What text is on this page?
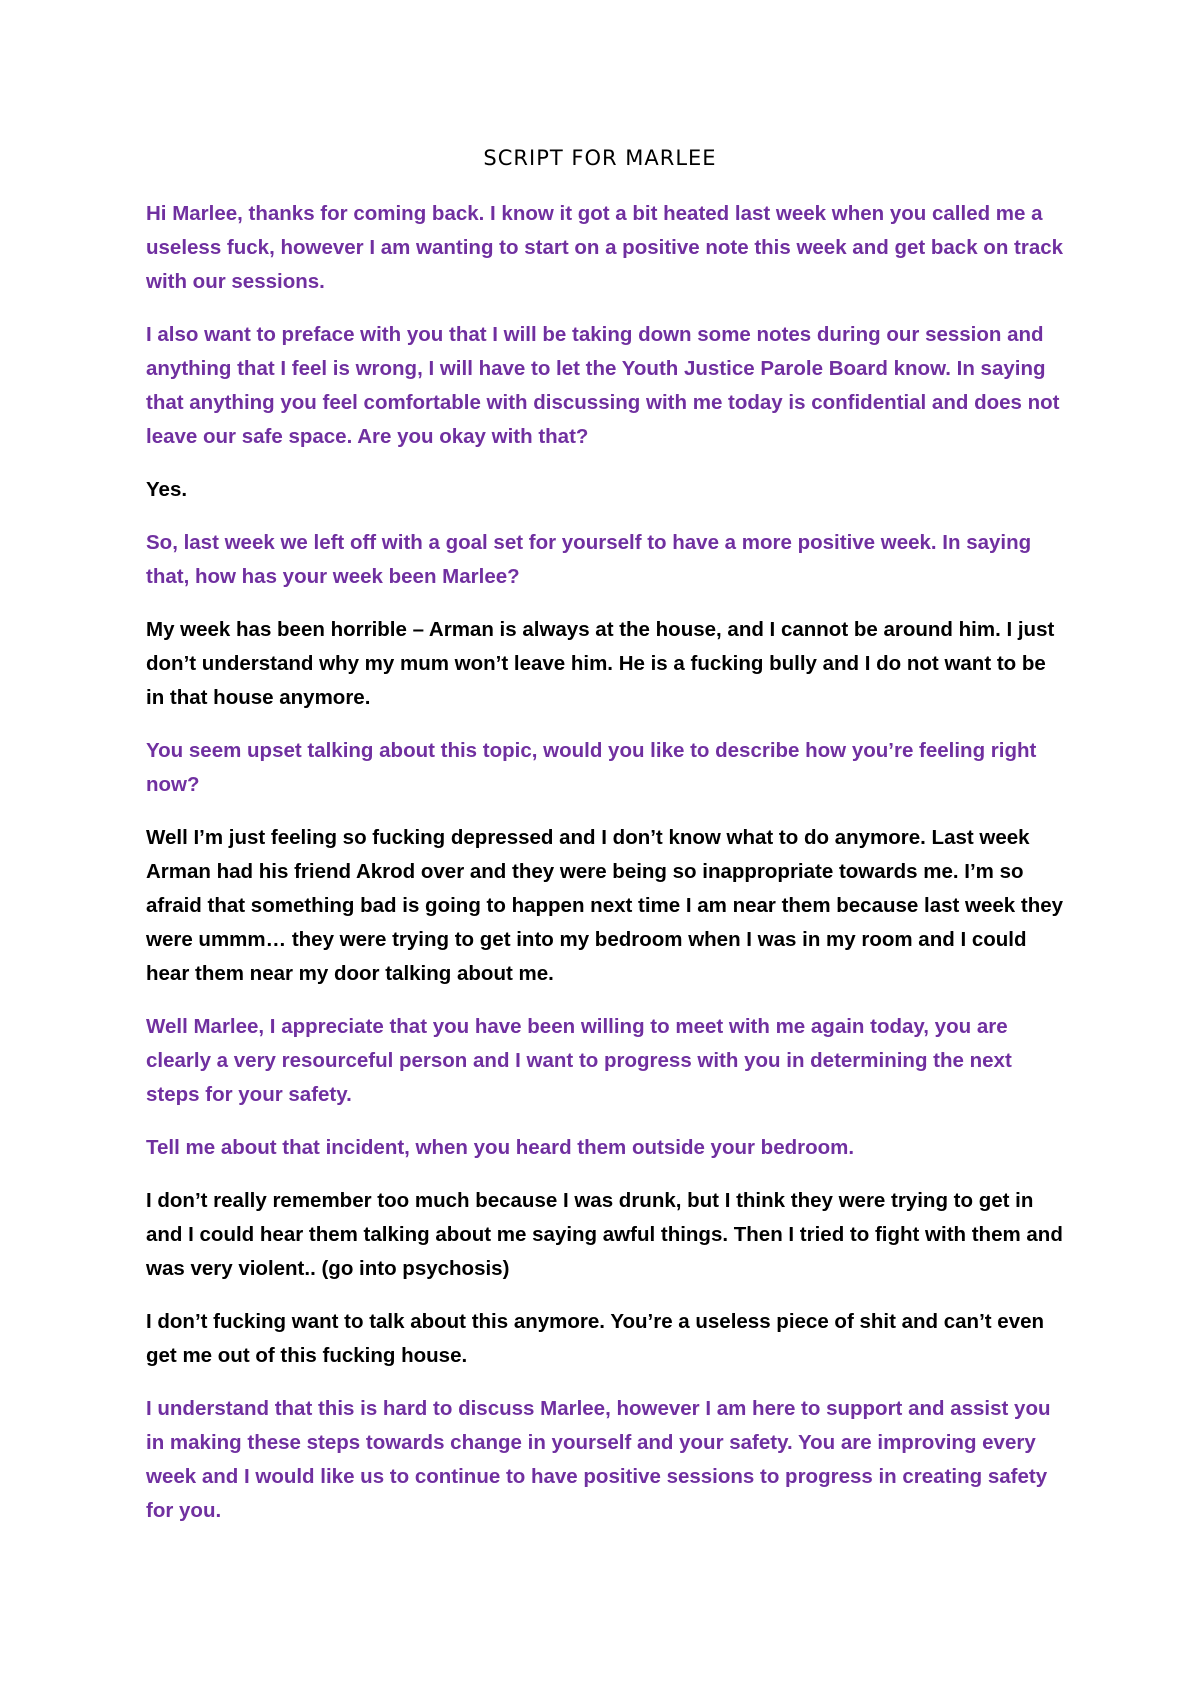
SCRIPT FOR MARLEE

Hi Marlee, thanks for coming back. I know it got a bit heated last week when you called me a useless fuck, however I am wanting to start on a positive note this week and get back on track with our sessions.

I also want to preface with you that I will be taking down some notes during our session and anything that I feel is wrong, I will have to let the Youth Justice Parole Board know. In saying that anything you feel comfortable with discussing with me today is confidential and does not leave our safe space. Are you okay with that?

Yes.

So, last week we left off with a goal set for yourself to have a more positive week. In saying that, how has your week been Marlee?

My week has been horrible – Arman is always at the house, and I cannot be around him. I just don’t understand why my mum won’t leave him. He is a fucking bully and I do not want to be in that house anymore.

You seem upset talking about this topic, would you like to describe how you’re feeling right now?

Well I’m just feeling so fucking depressed and I don’t know what to do anymore. Last week Arman had his friend Akrod over and they were being so inappropriate towards me. I’m so afraid that something bad is going to happen next time I am near them because last week they were ummm… they were trying to get into my bedroom when I was in my room and I could hear them near my door talking about me.

Well Marlee, I appreciate that you have been willing to meet with me again today, you are clearly a very resourceful person and I want to progress with you in determining the next steps for your safety.

Tell me about that incident, when you heard them outside your bedroom.

I don’t really remember too much because I was drunk, but I think they were trying to get in and I could hear them talking about me saying awful things. Then I tried to fight with them and was very violent.. (go into psychosis)

I don’t fucking want to talk about this anymore. You’re a useless piece of shit and can’t even get me out of this fucking house.

I understand that this is hard to discuss Marlee, however I am here to support and assist you in making these steps towards change in yourself and your safety. You are improving every week and I would like us to continue to have positive sessions to progress in creating safety for you.
